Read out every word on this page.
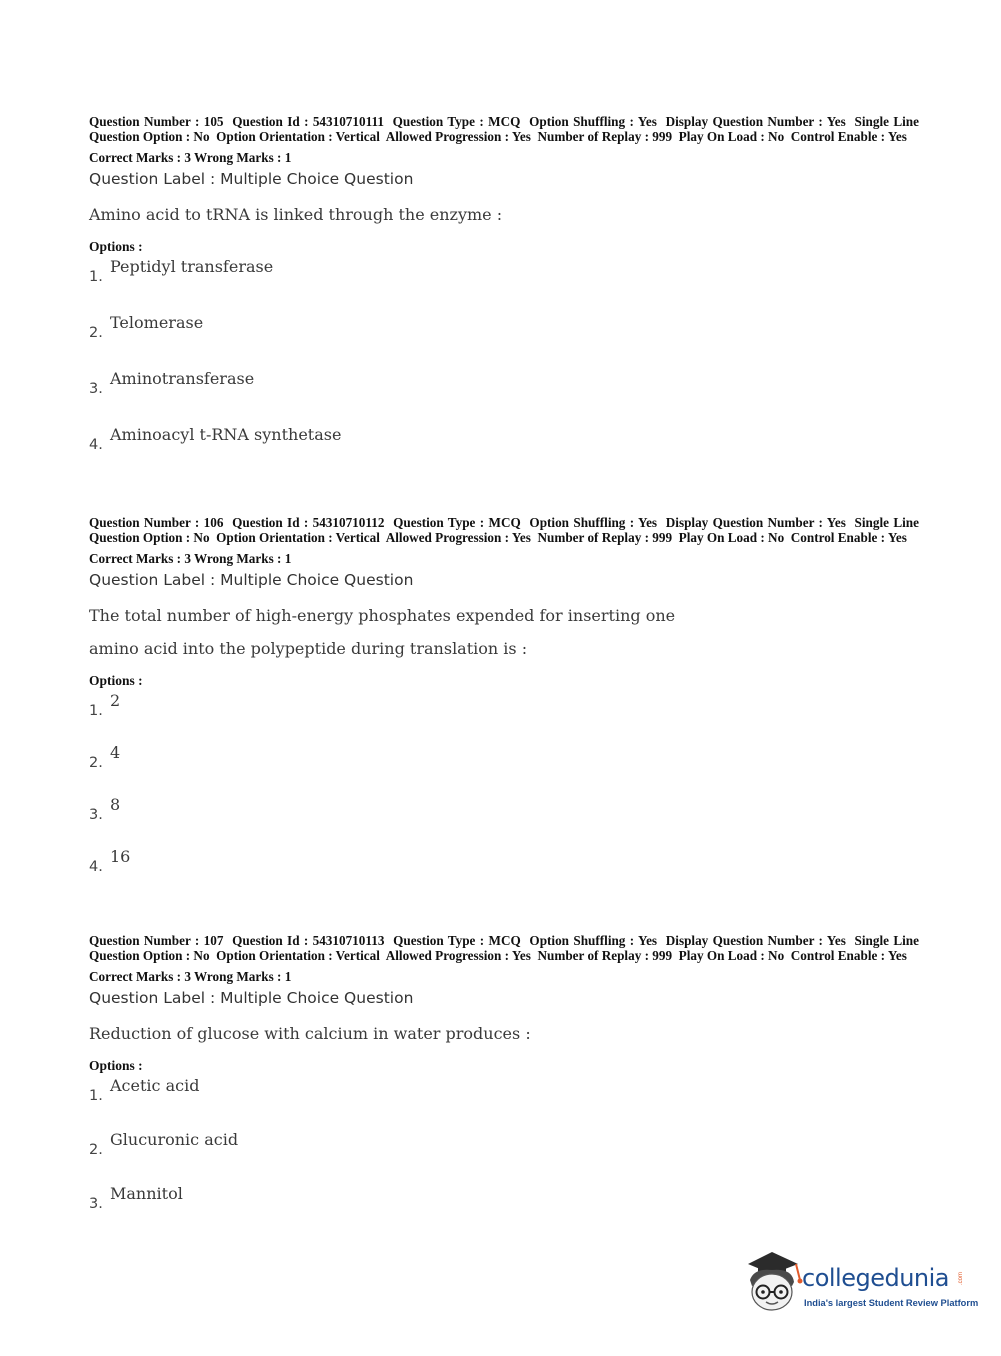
Question Number : 105  Question Id : 54310710111  Question Type : MCQ  Option Shuffling : Yes  Display Question Number : Yes  Single Line Question Option : No  Option Orientation : Vertical  Allowed Progression : Yes  Number of Replay : 999  Play On Load : No  Control Enable : Yes

Correct Marks : 3 Wrong Marks : 1
Question Label : Multiple Choice Question
Amino acid to tRNA is linked through the enzyme :
Options :
1.
Peptidyl transferase
2.
Telomerase
3.
Aminotransferase
4.
Aminoacyl t-RNA synthetase

Question Number : 106  Question Id : 54310710112  Question Type : MCQ  Option Shuffling : Yes  Display Question Number : Yes  Single Line Question Option : No  Option Orientation : Vertical  Allowed Progression : Yes  Number of Replay : 999  Play On Load : No  Control Enable : Yes

Correct Marks : 3 Wrong Marks : 1
Question Label : Multiple Choice Question
The total number of high-energy phosphates expended for inserting one amino acid into the polypeptide during translation is :
Options :
1.
2
2.
4
3.
8
4.
16

Question Number : 107  Question Id : 54310710113  Question Type : MCQ  Option Shuffling : Yes  Display Question Number : Yes  Single Line Question Option : No  Option Orientation : Vertical  Allowed Progression : Yes  Number of Replay : 999  Play On Load : No  Control Enable : Yes

Correct Marks : 3 Wrong Marks : 1
Question Label : Multiple Choice Question
Reduction of glucose with calcium in water produces :
Options :
1.
Acetic acid
2.
Glucuronic acid
3.
Mannitol
collegedunia .com
India's largest Student Review Platform
